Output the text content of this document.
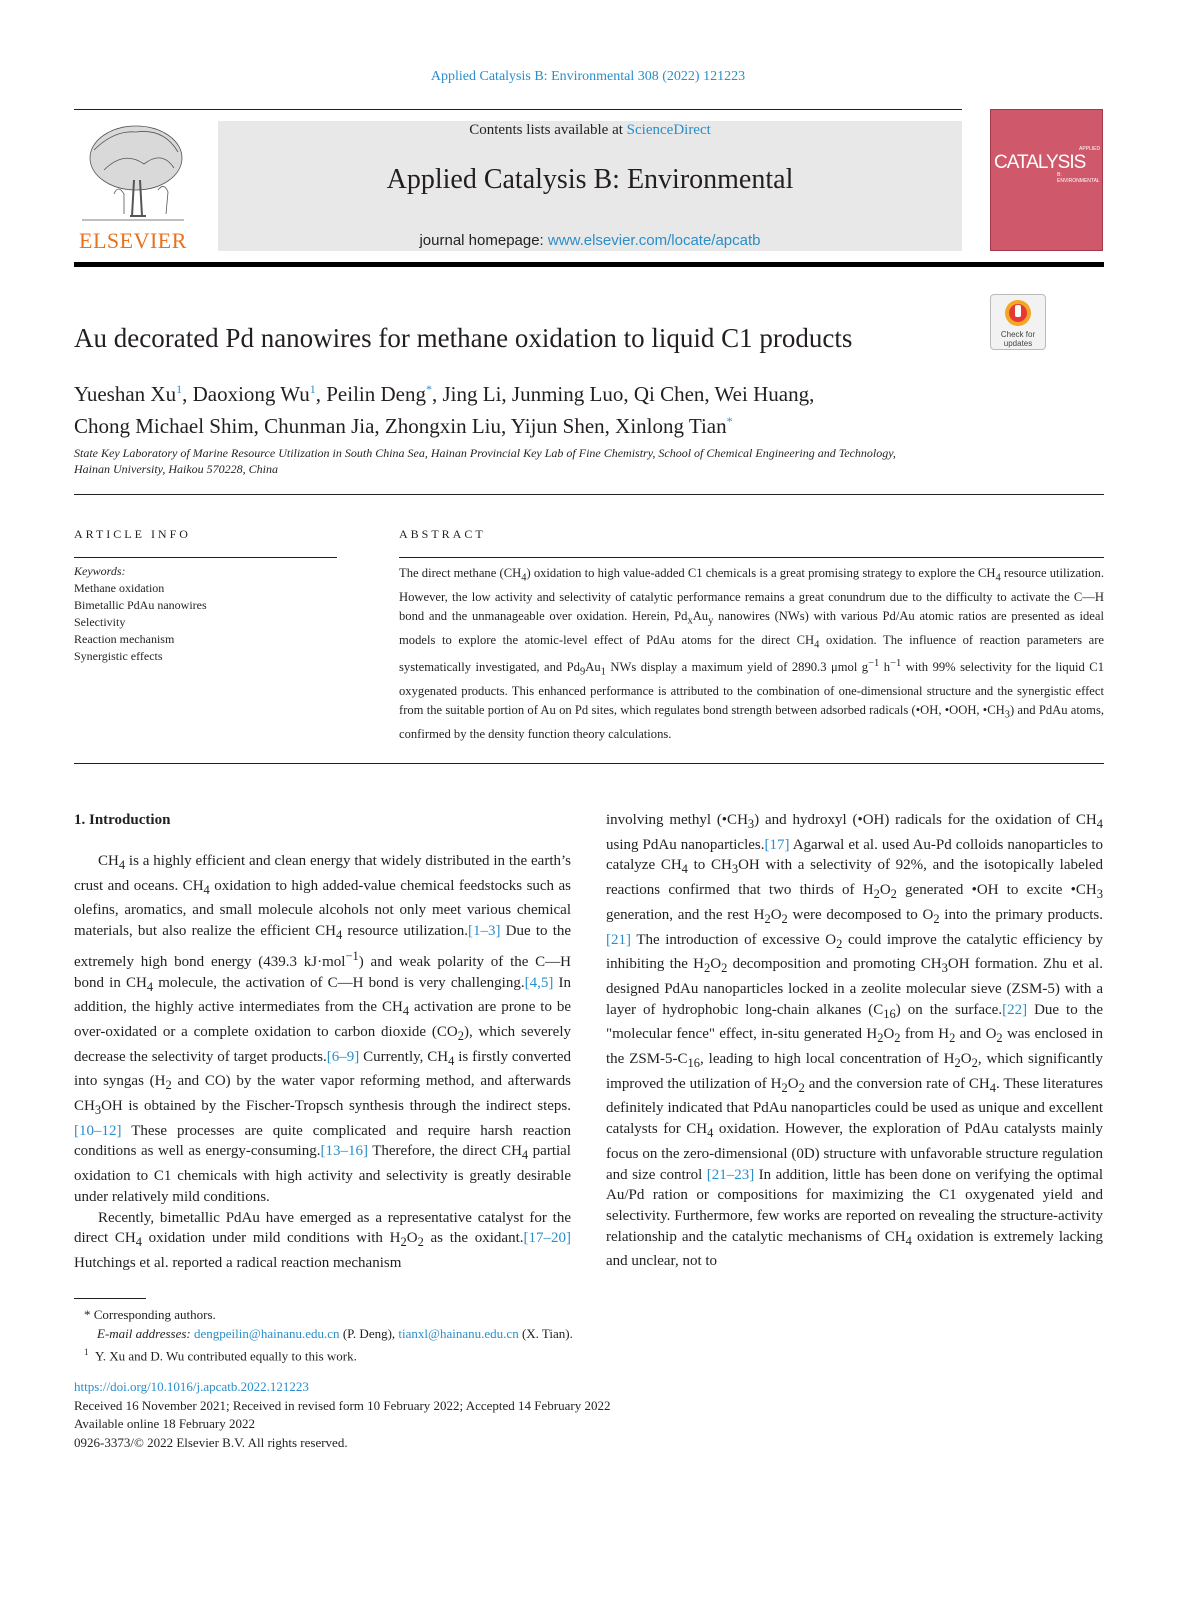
Applied Catalysis B: Environmental 308 (2022) 121223
ELSEVIER
Contents lists available at ScienceDirect
Applied Catalysis B: Environmental
journal homepage: www.elsevier.com/locate/apcatb
APPLIED
CATALYSIS
B: ENVIRONMENTAL
Check for updates
Au decorated Pd nanowires for methane oxidation to liquid C1 products
Yueshan Xu$^1$, Daoxiong Wu$^1$, Peilin Deng*, Jing Li, Junming Luo, Qi Chen, Wei Huang,
Chong Michael Shim, Chunman Jia, Zhongxin Liu, Yijun Shen, Xinlong Tian*
State Key Laboratory of Marine Resource Utilization in South China Sea, Hainan Provincial Key Lab of Fine Chemistry, School of Chemical Engineering and Technology,
Hainan University, Haikou 570228, China
ARTICLE INFO	ABSTRACT
Keywords:
Methane oxidation
Bimetallic PdAu nanowires
Selectivity
Reaction mechanism
Synergistic effects
The direct methane $(CH_4)$ oxidation to high value-added C1 chemicals is a great promising strategy to explore the $CH_4$ resource utilization. However, the low activity and selectivity of catalytic performance remains a great conundrum due to the difficulty to activate the C—H bond and the unmanageable over oxidation. Herein, $Pd_xAu_y$ nanowires (NWs) with various Pd/Au atomic ratios are presented as ideal models to explore the atomic-level effect of PdAu atoms for the direct $CH_4$ oxidation. The influence of reaction parameters are systematically investigated, and $Pd_9Au_1$ NWs display a maximum yield of 2890.3 μmol $g^{-1}$ $h^{-1}$ with 99% selectivity for the liquid C1 oxygenated products. This enhanced performance is attributed to the combination of one-dimensional structure and the synergistic effect from the suitable portion of Au on Pd sites, which regulates bond strength between adsorbed radicals (•OH, •OOH, $•CH_3$) and PdAu atoms, confirmed by the density function theory calculations.
1. Introduction

$CH_4$ is a highly efficient and clean energy that widely distributed in the earth’s crust and oceans. $CH_4$ oxidation to high added-value chemical feedstocks such as olefins, aromatics, and small molecule alcohols not only meet various chemical materials, but also realize the efficient $CH_4$ resource utilization.[1–3] Due to the extremely high bond energy (439.3 kJ·mol$^{-1}$) and weak polarity of the C—H bond in $CH_4$ molecule, the activation of C—H bond is very challenging.[4,5] In addition, the highly active intermediates from the $CH_4$ activation are prone to be over-oxidated or a complete oxidation to carbon dioxide $(CO_2)$, which severely decrease the selectivity of target products.[6–9] Currently, $CH_4$ is firstly converted into syngas ($H_2$ and CO) by the water vapor reforming method, and afterwards $CH_3OH$ is obtained by the Fischer-Tropsch synthesis through the indirect steps.[10–12] These processes are quite complicated and require harsh reaction conditions as well as energy-consuming.[13–16] Therefore, the direct $CH_4$ partial oxidation to C1 chemicals with high activity and selectivity is greatly desirable under relatively mild conditions.

Recently, bimetallic PdAu have emerged as a representative catalyst for the direct $CH_4$ oxidation under mild conditions with $H_2O_2$ as the oxidant.[17–20] Hutchings et al. reported a radical reaction mechanism

involving methyl $(•CH_3)$ and hydroxyl (•OH) radicals for the oxidation of $CH_4$ using PdAu nanoparticles.[17] Agarwal et al. used Au-Pd colloids nanoparticles to catalyze $CH_4$ to $CH_3OH$ with a selectivity of 92%, and the isotopically labeled reactions confirmed that two thirds of $H_2O_2$ generated •OH to excite $•CH_3$ generation, and the rest $H_2O_2$ were decomposed to $O_2$ into the primary products.[21] The introduction of excessive $O_2$ could improve the catalytic efficiency by inhibiting the $H_2O_2$ decomposition and promoting $CH_3OH$ formation. Zhu et al. designed PdAu nanoparticles locked in a zeolite molecular sieve (ZSM-5) with a layer of hydrophobic long-chain alkanes $(C_{16})$ on the surface.[22] Due to the "molecular fence" effect, in-situ generated $H_2O_2$ from $H_2$ and $O_2$ was enclosed in the ZSM-$5-C_{16}$, leading to high local concentration of $H_2O_2$, which significantly improved the utilization of $H_2O_2$ and the conversion rate of $CH_4$. These literatures definitely indicated that PdAu nanoparticles could be used as unique and excellent catalysts for $CH_4$ oxidation. However, the exploration of PdAu catalysts mainly focus on the zero-dimensional (0D) structure with unfavorable structure regulation and size control [21–23] In addition, little has been done on verifying the optimal Au/Pd ration or compositions for maximizing the C1 oxygenated yield and selectivity. Furthermore, few works are reported on revealing the structure-activity relationship and the catalytic mechanisms of $CH_4$ oxidation is extremely lacking and unclear, not to

* Corresponding authors.
E-mail addresses: dengpeilin@hainanu.edu.cn (P. Deng), tianxl@hainanu.edu.cn (X. Tian).
$^1$ Y. Xu and D. Wu contributed equally to this work.
https://doi.org/10.1016/j.apcatb.2022.121223
Received 16 November 2021; Received in revised form 10 February 2022; Accepted 14 February 2022
Available online 18 February 2022
0926-3373/© 2022 Elsevier B.V. All rights reserved.
